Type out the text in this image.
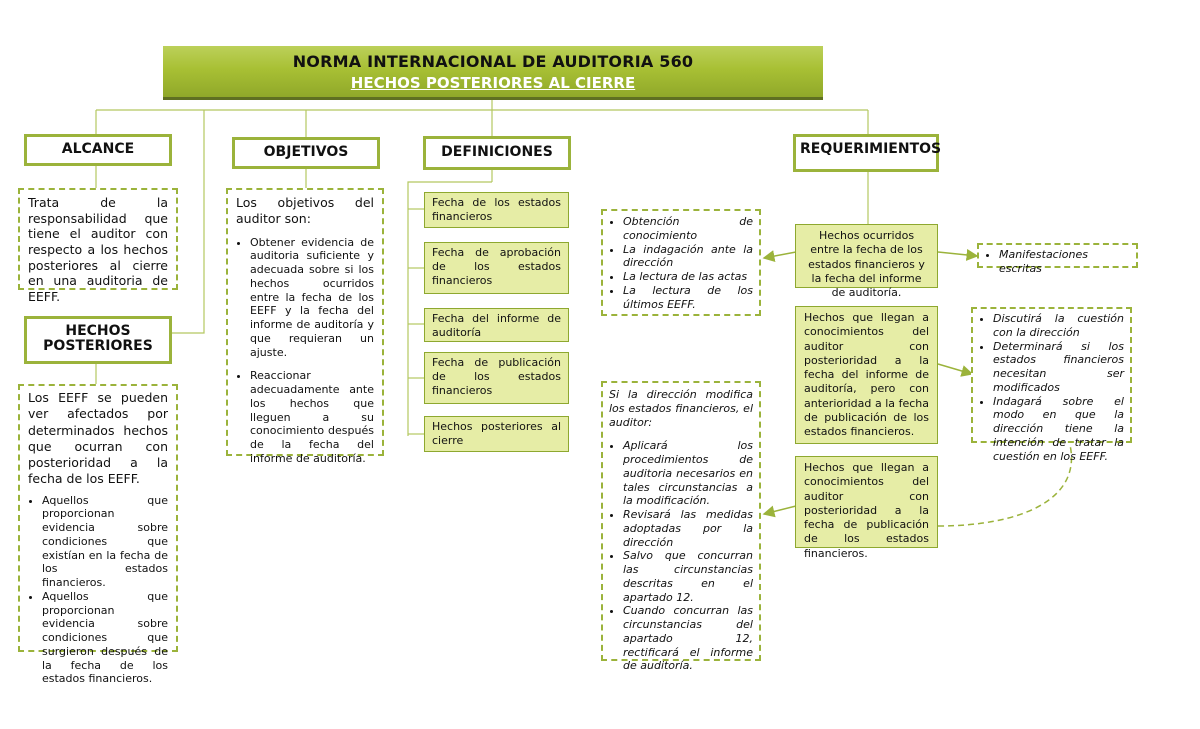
NORMA INTERNACIONAL DE AUDITORIA 560
HECHOS POSTERIORES AL CIERRE
ALCANCE
Trata de la responsabilidad que tiene el auditor con respecto a los hechos posteriores al cierre en una auditoria de EEFF.
HECHOS POSTERIORES
Los EEFF se pueden ver afectados por determinados hechos que ocurran con posterioridad a la fecha de los EEFF.
• Aquellos que proporcionan evidencia sobre condiciones que existían en la fecha de los estados financieros.
• Aquellos que proporcionan evidencia sobre condiciones que surgieron después de la fecha de los estados financieros.
OBJETIVOS
Los objetivos del auditor son:
• Obtener evidencia de auditoria suficiente y adecuada sobre si los hechos ocurridos entre la fecha de los EEFF y la fecha del informe de auditoría y que requieran un ajuste.
• Reaccionar adecuadamente ante los hechos que lleguen a su conocimiento después de la fecha del informe de auditoría.
DEFINICIONES
Fecha de los estados financieros
Fecha de aprobación de los estados financieros
Fecha del informe de auditoría
Fecha de publicación de los estados financieros
Hechos posteriores al cierre
REQUERIMIENTOS
Hechos ocurridos entre la fecha de los estados financieros y la fecha del informe de auditoría.
Hechos que llegan a conocimientos del auditor con posterioridad a la fecha del informe de auditoría, pero con anterioridad a la fecha de publicación de los estados financieros.
Hechos que llegan a conocimientos del auditor con posterioridad a la fecha de publicación de los estados financieros.
• Obtención de conocimiento
• La indagación ante la dirección
• La lectura de las actas
• La lectura de los últimos EEFF.
• Manifestaciones escritas
• Discutirá la cuestión con la dirección
• Determinará si los estados financieros necesitan ser modificados
• Indagará sobre el modo en que la dirección tiene la intención de tratar la cuestión en los EEFF.
Si la dirección modifica los estados financieros, el auditor:
• Aplicará los procedimientos de auditoria necesarios en tales circunstancias a la modificación.
• Revisará las medidas adoptadas por la dirección
• Salvo que concurran las circunstancias descritas en el apartado 12.
• Cuando concurran las circunstancias del apartado 12, rectificará el informe de auditoría.
